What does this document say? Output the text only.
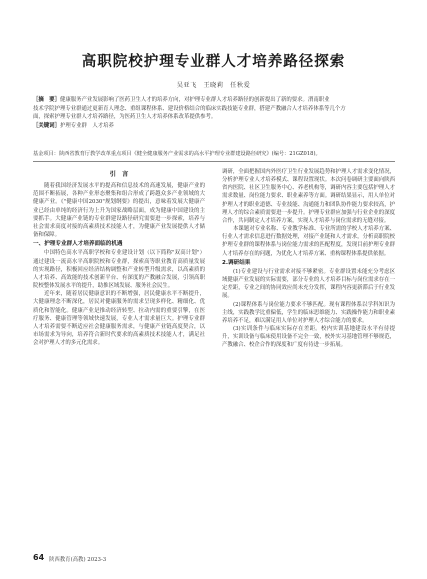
高职院校护理专业群人才培养路径探索
吴亚飞　王晓莉　任秋爱

［摘　要］健康服务产业发展影响了医药卫生人才的培养方向，对护理专业群人才培养路径的创新提出了新的要求。渭南职业

技术学院护理专业群通过更新育人理念、重组课程体系、建设价格结合的临床实践技能专业群，搭建产教融合人才培养体系等几个方

面，探索护理专业群人才培养路径，为医药卫生人才培养体系改革提供参考。

［关键词］护理专业群　人才培养

基金项目：陕西省教育厅教学改革重点项目《健全健康服务产业需求的高水平护理专业群建设路径研究》(编号：21GZ018)。
引　言

随着我国经济发展水平的提高和信息技术的高速发展，健康产业的范围不断拓展，各种产业形态聚集和组合形成了跨越众多产业领域的大健康产业。《"健康中国2030"规划纲要》的提出，意味着发展大健康产业已经由单纯的经济行为上升为国家战略层面，成为健康中国建设的主要抓手。大健康产业链的专业群建设路径研究需要进一步探索，培养与社会需求高度对接的高素质技术技能人才，为健康产业发展提供人才储备和保障。

一、护理专业群人才培养面临的机遇

中国特色高水平高职学校和专业建设计划（以下简称"双高计划"）通过建设一流高水平高职院校和专业群，探索高等职业教育高质量发展的实现路径，积极回应经济结构调整和产业转型升级需求，以高素质的人才培养、高效能的技术创新平台、有深度的产教融合发展，引领高职院校整体发展水平的提升，助推区域发展、服务社会民生。

近年来，随着居民健康意识的不断增强，居民健康水平不断提升，大健康理念不断深化，居民对健康服务的需求呈现多样化、精细化、优质化和智能化。健康产业是推动经济转型、拉动内需的重要引擎，在医疗服务、健康管理等领域快速发展，专业人才需求量巨大。护理专业群人才培养需要不断适应社会健康服务需求，与健康产业链高度契合，以市场需求为导向，培养符合新时代要求的高素质技术技能人才，满足社会对护理人才的多元化需求。

调研，全面把握国内外医疗卫生行业发展趋势和护理人才需求变化情况，分析护理专业人才培养模式、课程设置现状。本次问卷调研主要面向陕西省内医院、社区卫生服务中心、养老机构等，调研内容主要包括护理人才需求数量、岗位能力要求、职业素养等方面。调研结果显示，用人单位对护理人才的职业道德、专业技能、沟通能力和团队协作能力要求较高，护理人才的综合素质需要进一步提升。护理专业群应加强与行业企业的深度合作，共同制定人才培养方案，实现人才培养与岗位需求的无缝对接。

本课题对专业名称、专业教学标准、专业所需的学校人才培养方案、行业人才需求信息进行数据处理，对接产业链和人才需求，分析高职院校护理专业群的课程体系与岗位能力需求的匹配程度，发现目前护理专业群人才培养存在的问题，为优化人才培养方案、重构课程体系提供依据。

2.调研结果

(1)专业建设与行业需求对接不够紧密。专业群设置未能充分考虑区域健康产业发展的实际需要，部分专业的人才培养目标与岗位需求存在一定差距，专业之间的协同效应尚未充分发挥，课程内容更新滞后于行业发展。

(2)课程体系与岗位能力要求不够匹配。现有课程体系以学科知识为主线，实践教学比重偏低，学生的临床思维能力、实践操作能力和职业素养培养不足，难以满足用人单位对护理人才综合能力的要求。

(3)实训条件与临床实际存在差距。校内实训基地建设水平有待提升，实训设备与临床使用设备不完全一致，校外实习基地管理不够规范，产教融合、校企合作的深度和广度有待进一步拓展。

64 陕西教育(高教) 2023-3
